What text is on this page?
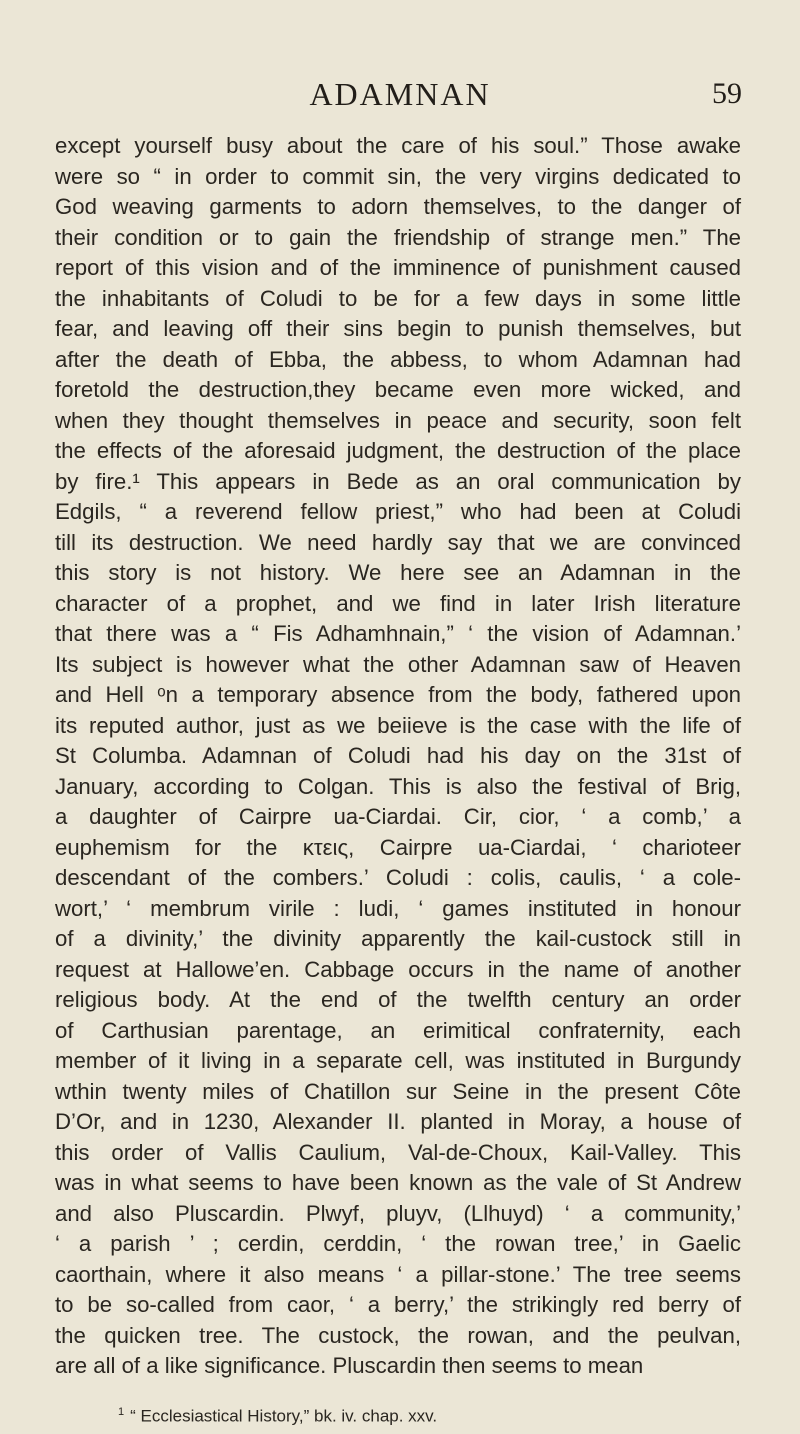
ADAMNAN	59
except yourself busy about the care of his soul.” Those awake
were so “ in order to commit sin, the very virgins dedicated to
God weaving garments to adorn themselves, to the danger of
their condition or to gain the friendship of strange men.” The
report of this vision and of the imminence of punishment caused
the inhabitants of Coludi to be for a few days in some little
fear, and leaving off their sins begin to punish themselves, but
after the death of Ebba, the abbess, to whom Adamnan had
foretold the destruction,they became even more wicked, and
when they thought themselves in peace and security, soon felt
the effects of the aforesaid judgment, the destruction of the place
by fire.¹ This appears in Bede as an oral communication by
Edgils, “ a reverend fellow priest,” who had been at Coludi
till its destruction. We need hardly say that we are convinced
this story is not history. We here see an Adamnan in the
character of a prophet, and we find in later Irish literature
that there was a “ Fis Adhamhnain,” ‘ the vision of Adamnan.’
Its subject is however what the other Adamnan saw of Heaven
and Hell ᵒn a temporary absence from the body, fathered upon
its reputed author, just as we beiieve is the case with the life of
St Columba. Adamnan of Coludi had his day on the 31st of
January, according to Colgan. This is also the festival of Brig,
a daughter of Cairpre ua-Ciardai. Cir, cior, ‘ a comb,’ a
euphemism for the κτεις, Cairpre ua-Ciardai, ‘ charioteer
descendant of the combers.’ Coludi : colis, caulis, ‘ a cole-
wort,’ ‘ membrum virile : ludi, ‘ games instituted in honour
of a divinity,’ the divinity apparently the kail-custock still in
request at Hallowe’en. Cabbage occurs in the name of another
religious body. At the end of the twelfth century an order
of Carthusian parentage, an erimitical confraternity, each
member of it living in a separate cell, was instituted in Burgundy
wthin twenty miles of Chatillon sur Seine in the present Côte
D’Or, and in 1230, Alexander II. planted in Moray, a house of
this order of Vallis Caulium, Val-de-Choux, Kail-Valley. This
was in what seems to have been known as the vale of St Andrew
and also Pluscardin. Plwyf, pluyv, (Llhuyd) ‘ a community,’
‘ a parish ’ ; cerdin, cerddin, ‘ the rowan tree,’ in Gaelic
caorthain, where it also means ‘ a pillar-stone.’ The tree seems
to be so-called from caor, ‘ a berry,’ the strikingly red berry of
the quicken tree. The custock, the rowan, and the peulvan,
are all of a like significance. Pluscardin then seems to mean
$^1$ “ Ecclesiastical History,” bk. iv. chap. xxv.
